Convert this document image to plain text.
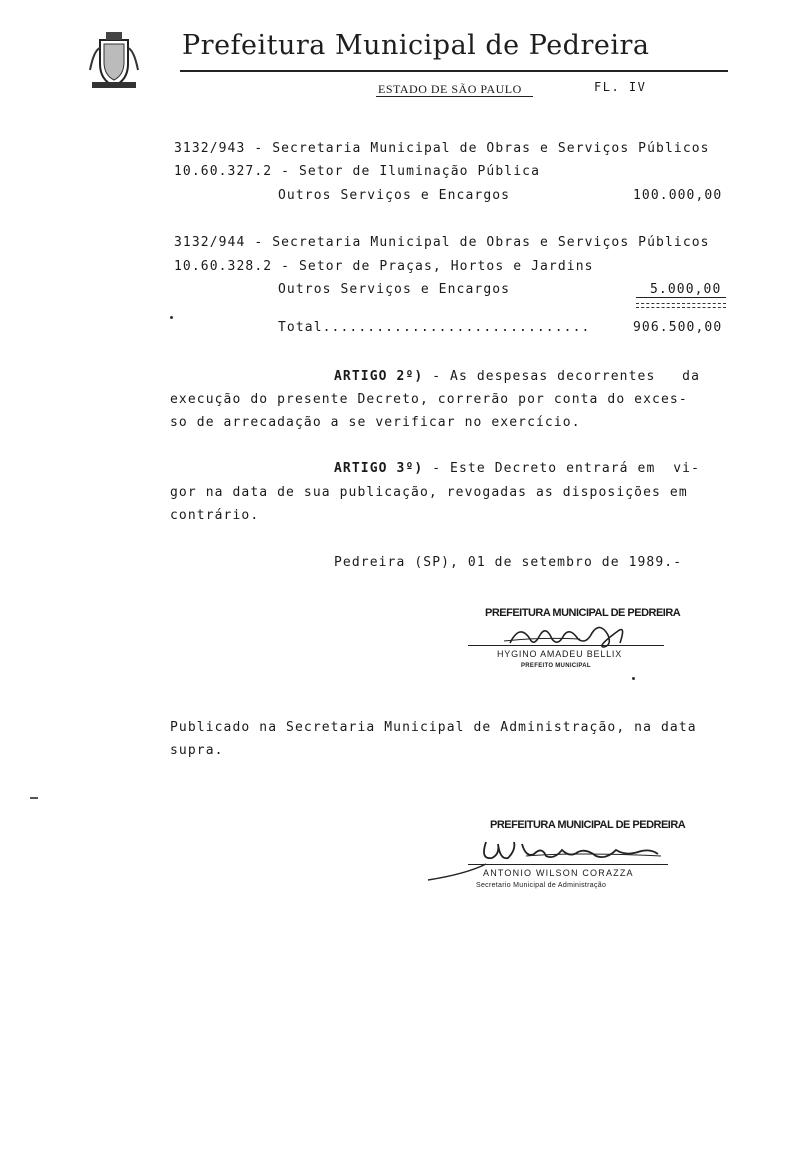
Prefeitura Municipal de Pedreira
ESTADO DE SÃO PAULO	FL. IV
3132/943 - Secretaria Municipal de Obras e Serviços Públicos
10.60.327.2 - Setor de Iluminação Pública
Outros Serviços e Encargos	100.000,00
3132/944 - Secretaria Municipal de Obras e Serviços Públicos
10.60.328.2 - Setor de Praças, Hortos e Jardins
Outros Serviços e Encargos	5.000,00
Total..............................	906.500,00
ARTIGO 2º) - As despesas decorrentes   da
execução do presente Decreto, correrão por conta do exces-
so de arrecadação a se verificar no exercício.
ARTIGO 3º) - Este Decreto entrará em  vi-
gor na data de sua publicação, revogadas as disposições em
contrário.
Pedreira (SP), 01 de setembro de 1989.-
PREFEITURA MUNICIPAL DE PEDREIRA
HYGINO AMADEU BELLIX
PREFEITO MUNICIPAL
Publicado na Secretaria Municipal de Administração, na data
supra.
PREFEITURA MUNICIPAL DE PEDREIRA
ANTONIO WILSON CORAZZA
Secretario Municipal de Administração
